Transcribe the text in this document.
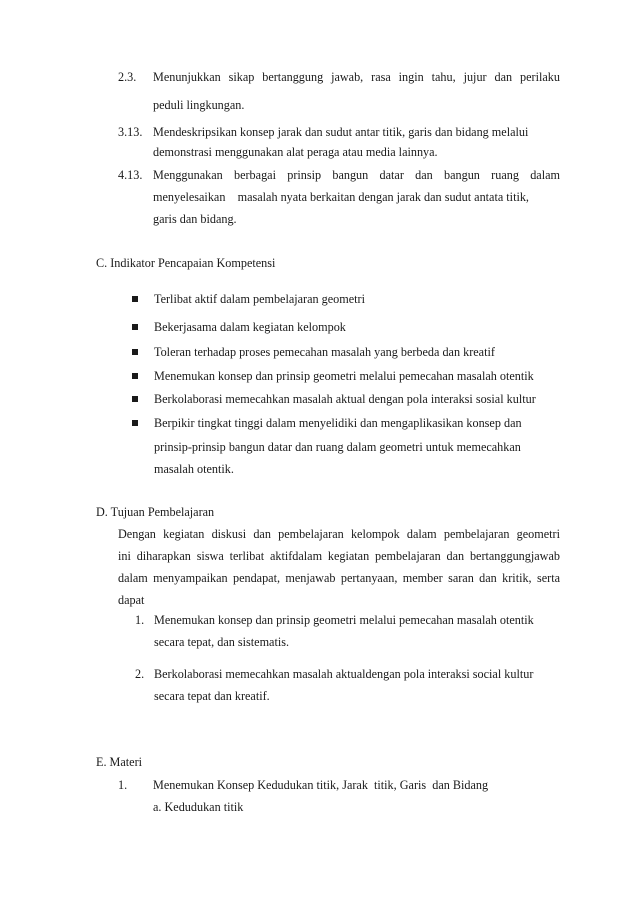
2.3. Menunjukkan sikap bertanggung jawab, rasa ingin tahu, jujur dan perilaku
peduli lingkungan.
3.13. Mendeskripsikan konsep jarak dan sudut antar titik, garis dan bidang melalui
demonstrasi menggunakan alat peraga atau media lainnya.
4.13. Menggunakan berbagai prinsip bangun datar dan bangun ruang dalam
menyelesaikan    masalah nyata berkaitan dengan jarak dan sudut antata titik,
garis dan bidang.
C. Indikator Pencapaian Kompetensi
Terlibat aktif dalam pembelajaran geometri
Bekerjasama dalam kegiatan kelompok
Toleran terhadap proses pemecahan masalah yang berbeda dan kreatif
Menemukan konsep dan prinsip geometri melalui pemecahan masalah otentik
Berkolaborasi memecahkan masalah aktual dengan pola interaksi sosial kultur
Berpikir tingkat tinggi dalam menyelidiki dan mengaplikasikan konsep dan
prinsip-prinsip bangun datar dan ruang dalam geometri untuk memecahkan
masalah otentik.
D. Tujuan Pembelajaran
Dengan kegiatan diskusi dan pembelajaran kelompok dalam pembelajaran geometri
ini diharapkan siswa terlibat aktifdalam kegiatan pembelajaran dan bertanggungjawab
dalam menyampaikan pendapat, menjawab pertanyaan, member saran dan kritik, serta
dapat
1. Menemukan konsep dan prinsip geometri melalui pemecahan masalah otentik
secara tepat, dan sistematis.
2. Berkolaborasi memecahkan masalah aktualdengan pola interaksi social kultur
secara tepat dan kreatif.
E. Materi
1. Menemukan Konsep Kedudukan titik, Jarak  titik, Garis  dan Bidang
a. Kedudukan titik
